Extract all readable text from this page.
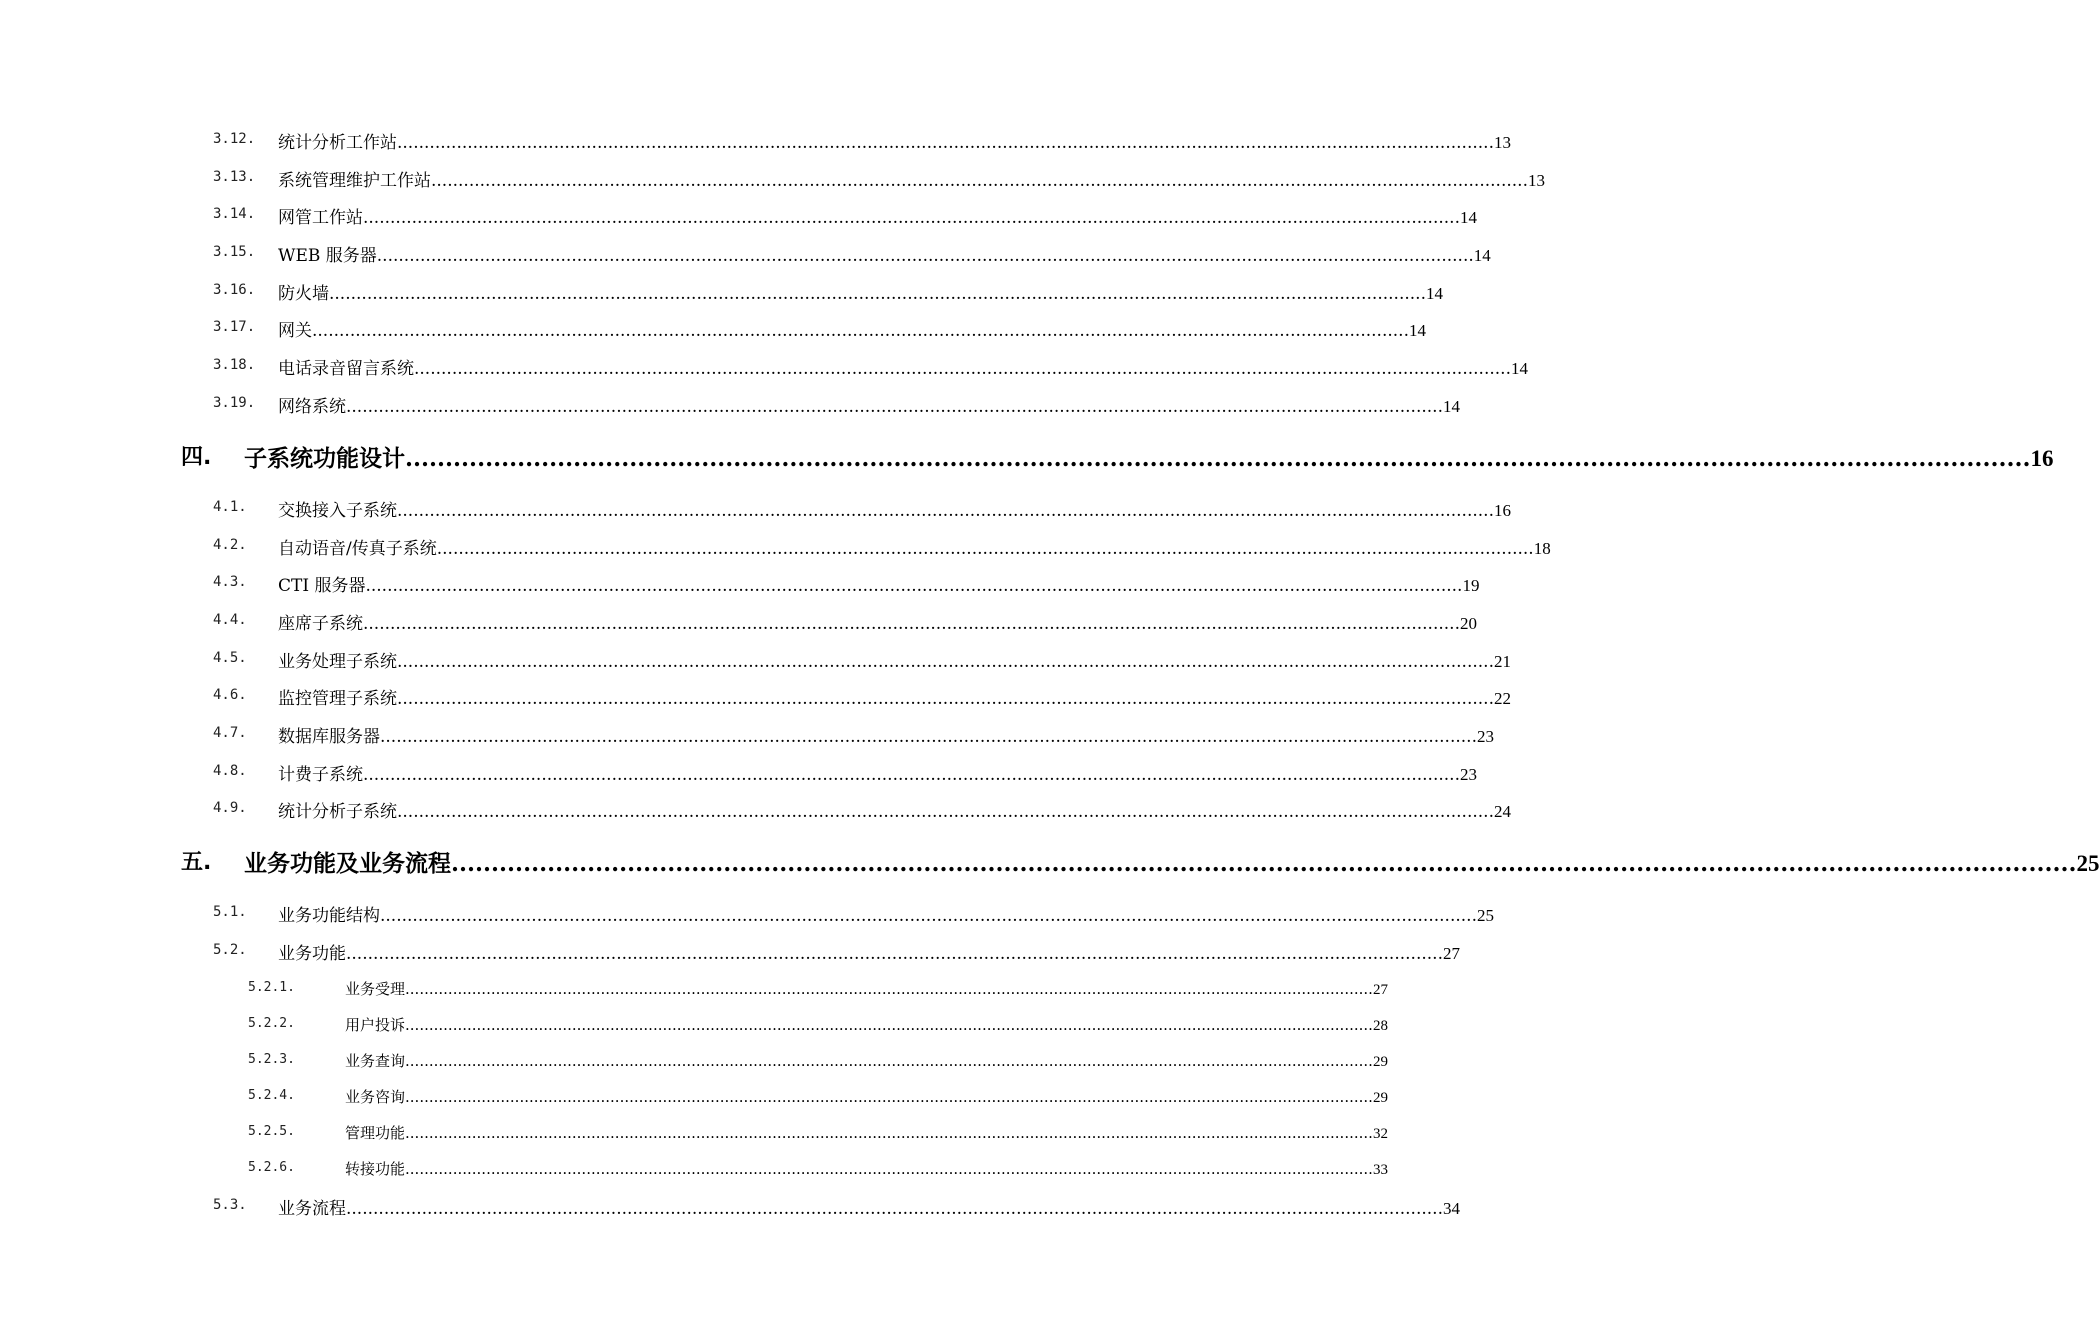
3.12. 统计分析工作站 ........................................................................................................................................................................................................... 13
3.13. 系统管理维护工作站 ........................................................................................................................................................................................................... 13
3.14. 网管工作站 ........................................................................................................................................................................................................... 14
3.15. WEB 服务器 ........................................................................................................................................................................................................... 14
3.16. 防火墙 ........................................................................................................................................................................................................... 14
3.17. 网关 ........................................................................................................................................................................................................... 14
3.18. 电话录音留言系统 ........................................................................................................................................................................................................... 14
3.19. 网络系统 ........................................................................................................................................................................................................... 14
四. 子系统功能设计 ........................................................................................................................................................................................................... 16
4.1. 交换接入子系统 ........................................................................................................................................................................................................... 16
4.2. 自动语音/传真子系统 ........................................................................................................................................................................................................... 18
4.3. CTI 服务器 ........................................................................................................................................................................................................... 19
4.4. 座席子系统 ........................................................................................................................................................................................................... 20
4.5. 业务处理子系统 ........................................................................................................................................................................................................... 21
4.6. 监控管理子系统 ........................................................................................................................................................................................................... 22
4.7. 数据库服务器 ........................................................................................................................................................................................................... 23
4.8. 计费子系统 ........................................................................................................................................................................................................... 23
4.9. 统计分析子系统 ........................................................................................................................................................................................................... 24
五. 业务功能及业务流程 ........................................................................................................................................................................................................... 25
5.1. 业务功能结构 ........................................................................................................................................................................................................... 25
5.2. 业务功能 ........................................................................................................................................................................................................... 27
5.2.1.	业务受理 ........................................................................................................................................................................................................... 27
5.2.2.	用户投诉 ........................................................................................................................................................................................................... 28
5.2.3.	业务查询 ........................................................................................................................................................................................................... 29
5.2.4.	业务咨询 ........................................................................................................................................................................................................... 29
5.2.5.	管理功能 ........................................................................................................................................................................................................... 32
5.2.6.	转接功能 ........................................................................................................................................................................................................... 33
5.3. 业务流程 ........................................................................................................................................................................................................... 34
